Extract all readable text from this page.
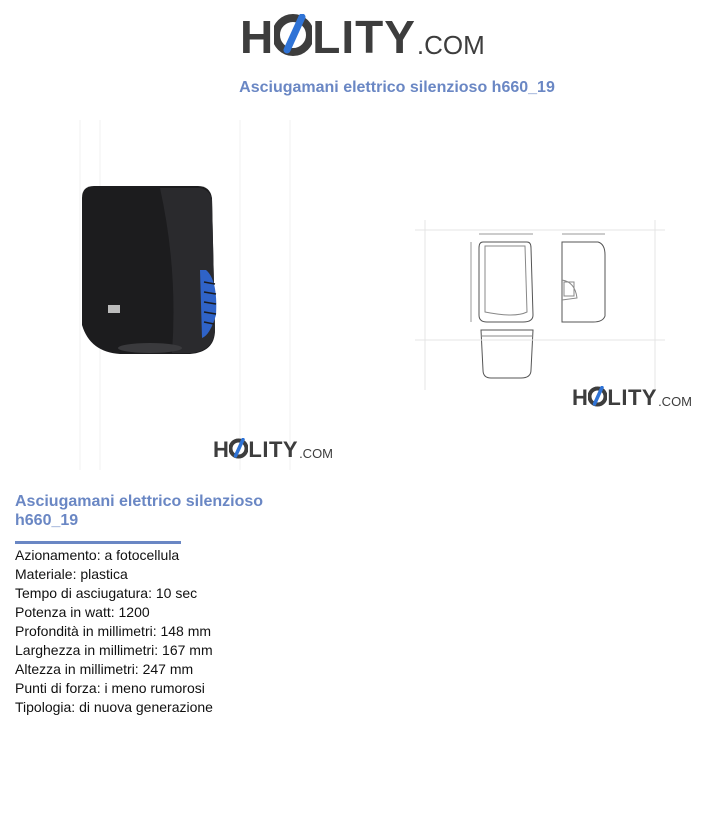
H LITY .COM
Asciugamani elettrico silenzioso h660_19
H LITY .COM
H LITY .COM
Asciugamani elettrico silenzioso h660_19
Azionamento: a fotocellula
Materiale: plastica
Tempo di asciugatura: 10 sec
Potenza in watt: 1200
Profondità in millimetri: 148 mm
Larghezza in millimetri: 167 mm
Altezza in millimetri: 247 mm
Punti di forza: i meno rumorosi
Tipologia: di nuova generazione
